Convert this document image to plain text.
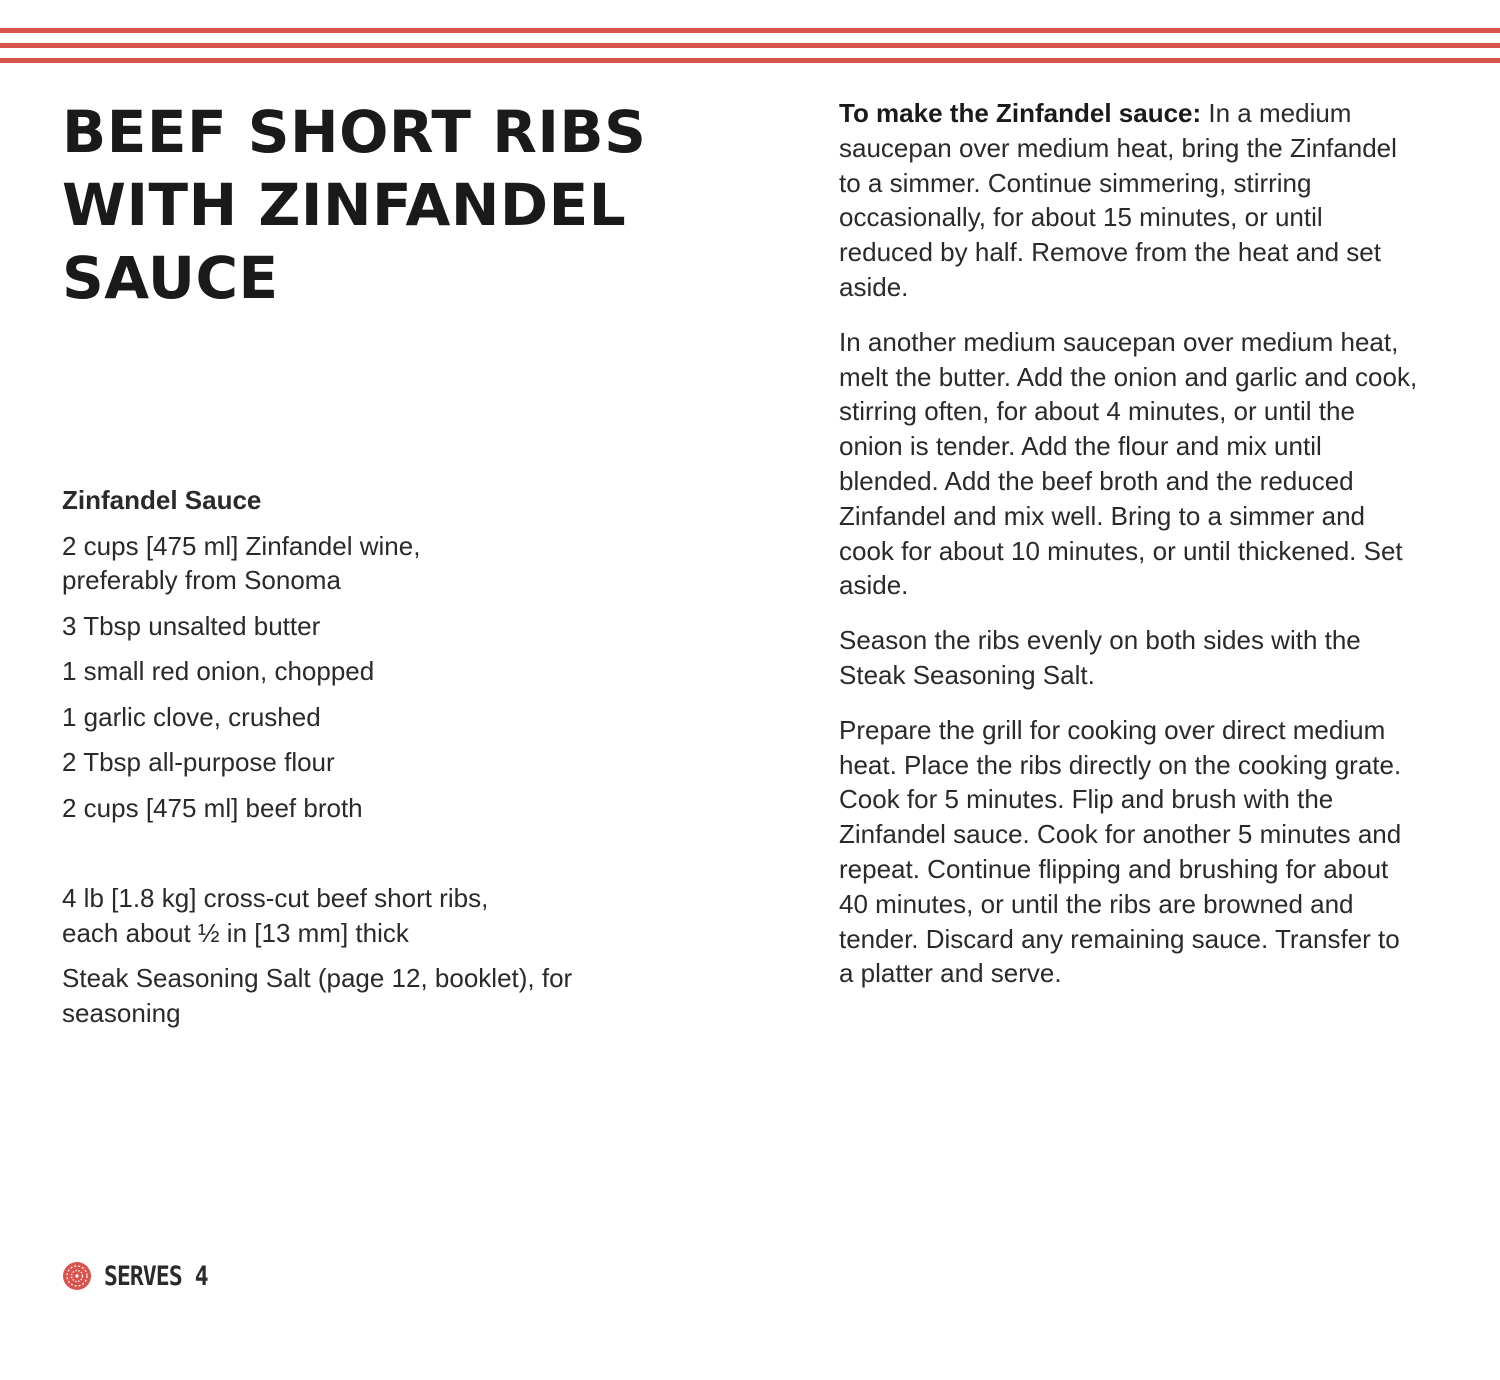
BEEF SHORT RIBS
WITH ZINFANDEL
SAUCE
Zinfandel Sauce
2 cups [475 ml] Zinfandel wine, preferably from Sonoma
3 Tbsp unsalted butter
1 small red onion, chopped
1 garlic clove, crushed
2 Tbsp all-purpose flour
2 cups [475 ml] beef broth
4 lb [1.8 kg] cross-cut beef short ribs, each about ½ in [13 mm] thick
Steak Seasoning Salt (page 12, booklet), for seasoning

To make the Zinfandel sauce: In a medium saucepan over medium heat, bring the Zinfandel to a simmer. Continue simmering, stirring occasionally, for about 15 minutes, or until reduced by half. Remove from the heat and set aside.

In another medium saucepan over medium heat, melt the butter. Add the onion and garlic and cook, stirring often, for about 4 minutes, or until the onion is tender. Add the flour and mix until blended. Add the beef broth and the reduced Zinfandel and mix well. Bring to a simmer and cook for about 10 minutes, or until thickened. Set aside.

Season the ribs evenly on both sides with the Steak Seasoning Salt.

Prepare the grill for cooking over direct medium heat. Place the ribs directly on the cooking grate. Cook for 5 minutes. Flip and brush with the Zinfandel sauce. Cook for another 5 minutes and repeat. Continue flipping and brushing for about 40 minutes, or until the ribs are browned and tender. Discard any remaining sauce. Transfer to a platter and serve.

SERVES 4
